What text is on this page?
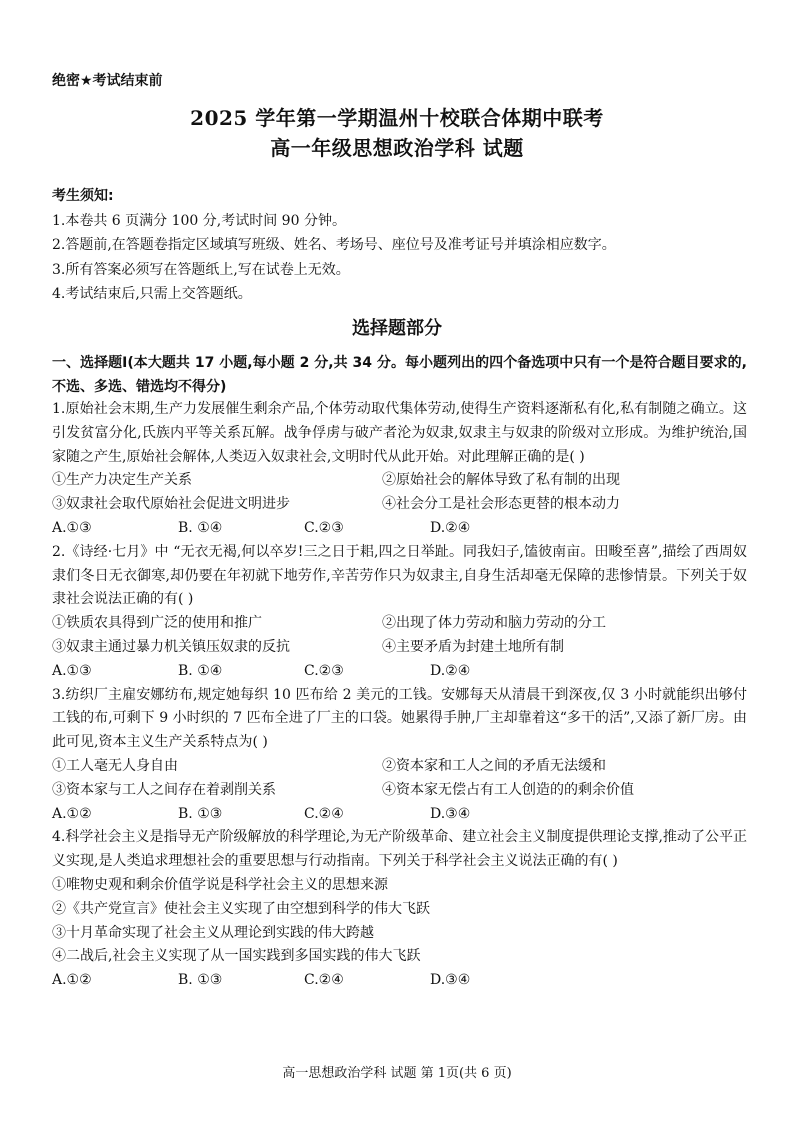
绝密★考试结束前
2025 学年第一学期温州十校联合体期中联考
高一年级思想政治学科 试题
考生须知:
1.本卷共 6 页满分 100 分,考试时间 90 分钟。
2.答题前,在答题卷指定区域填写班级、姓名、考场号、座位号及准考证号并填涂相应数字。
3.所有答案必须写在答题纸上,写在试卷上无效。
4.考试结束后,只需上交答题纸。
选择题部分
一、选择题Ⅰ(本大题共 17 小题,每小题 2 分,共 34 分。每小题列出的四个备选项中只有一个是符合题目要求的,不选、多选、错选均不得分)
1.原始社会末期,生产力发展催生剩余产品,个体劳动取代集体劳动,使得生产资料逐渐私有化,私有制随之确立。这引发贫富分化,氏族内平等关系瓦解。战争俘虏与破产者沦为奴隶,奴隶主与奴隶的阶级对立形成。为维护统治,国家随之产生,原始社会解体,人类迈入奴隶社会,文明时代从此开始。对此理解正确的是( )
①生产力决定生产关系	②原始社会的解体导致了私有制的出现
③奴隶社会取代原始社会促进文明进步	④社会分工是社会形态更替的根本动力
A.①③	B. ①④	C.②③	D.②④
2.《诗经·七月》中 “无衣无褐,何以卒岁!三之日于耜,四之日举趾。同我妇子,馌彼南亩。田畯至喜”,描绘了西周奴隶们冬日无衣御寒,却仍要在年初就下地劳作,辛苦劳作只为奴隶主,自身生活却毫无保障的悲惨情景。下列关于奴隶社会说法正确的有( )
①铁质农具得到广泛的使用和推广	②出现了体力劳动和脑力劳动的分工
③奴隶主通过暴力机关镇压奴隶的反抗	④主要矛盾为封建土地所有制
A.①③	B. ①④	C.②③	D.②④
3.纺织厂主雇安娜纺布,规定她每织 10 匹布给 2 美元的工钱。安娜每天从清晨干到深夜,仅 3 小时就能织出够付工钱的布,可剩下 9 小时织的 7 匹布全进了厂主的口袋。她累得手肿,厂主却靠着这“多干的活”,又添了新厂房。由此可见,资本主义生产关系特点为( )
①工人毫无人身自由	②资本家和工人之间的矛盾无法缓和
③资本家与工人之间存在着剥削关系	④资本家无偿占有工人创造的的剩余价值
A.①②	B. ①③	C.②④	D.③④
4.科学社会主义是指导无产阶级解放的科学理论,为无产阶级革命、建立社会主义制度提供理论支撑,推动了公平正义实现,是人类追求理想社会的重要思想与行动指南。下列关于科学社会主义说法正确的有( )
①唯物史观和剩余价值学说是科学社会主义的思想来源
②《共产党宣言》使社会主义实现了由空想到科学的伟大飞跃
③十月革命实现了社会主义从理论到实践的伟大跨越
④二战后,社会主义实现了从一国实践到多国实践的伟大飞跃
A.①②	B. ①③	C.②④	D.③④
高一思想政治学科 试题 第 1页(共 6 页)
